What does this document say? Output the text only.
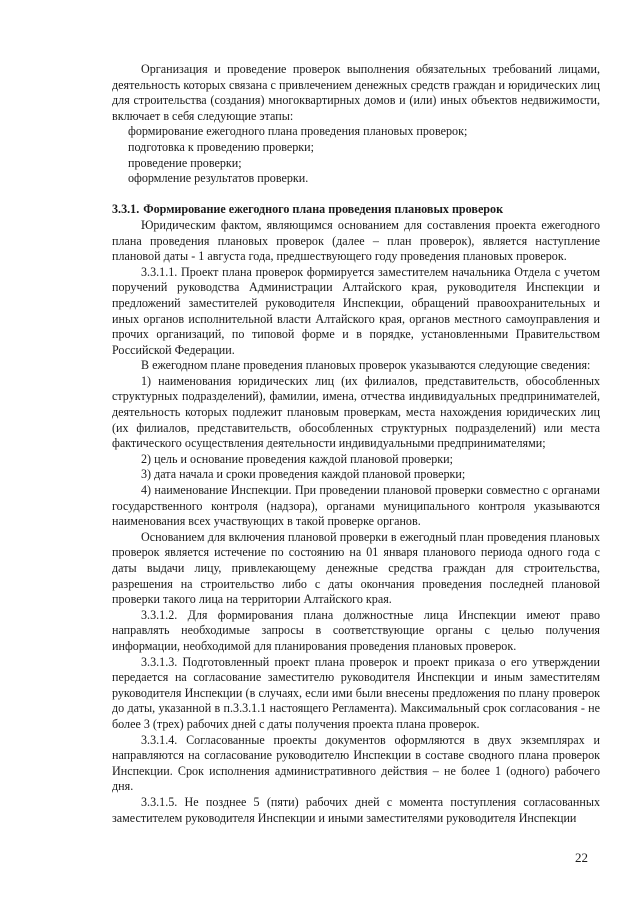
Организация и проведение проверок выполнения обязательных требований лицами, деятельность которых связана с привлечением денежных средств граждан и юридических лиц для строительства (создания) многоквартирных домов и (или) иных объектов недвижимости, включает в себя следующие этапы:

формирование ежегодного плана проведения плановых проверок;

подготовка к проведению проверки;

проведение проверки;

оформление результатов проверки.

3.3.1. Формирование ежегодного плана проведения плановых проверок

Юридическим фактом, являющимся основанием для составления проекта ежегодного плана проведения плановых проверок (далее – план проверок), является наступление плановой даты - 1 августа года, предшествующего году проведения плановых проверок.

3.3.1.1. Проект плана проверок формируется заместителем начальника Отдела с учетом поручений руководства Администрации Алтайского края, руководителя Инспекции и предложений заместителей руководителя Инспекции, обращений правоохранительных и иных органов исполнительной власти Алтайского края, органов местного самоуправления и прочих организаций, по типовой форме и в порядке, установленными Правительством Российской Федерации.

В ежегодном плане проведения плановых проверок указываются следующие сведения:

1) наименования юридических лиц (их филиалов, представительств, обособленных структурных подразделений), фамилии, имена, отчества индивидуальных предпринимателей, деятельность которых подлежит плановым проверкам, места нахождения юридических лиц (их филиалов, представительств, обособленных структурных подразделений) или места фактического осуществления деятельности индивидуальными предпринимателями;

2) цель и основание проведения каждой плановой проверки;

3) дата начала и сроки проведения каждой плановой проверки;

4) наименование Инспекции. При проведении плановой проверки совместно с органами государственного контроля (надзора), органами муниципального контроля указываются наименования всех участвующих в такой проверке органов.

Основанием для включения плановой проверки в ежегодный план проведения плановых проверок является истечение по состоянию на 01 января планового периода одного года с даты выдачи лицу, привлекающему денежные средства граждан для строительства, разрешения на строительство либо с даты окончания проведения последней плановой проверки такого лица на территории Алтайского края.

3.3.1.2. Для формирования плана должностные лица Инспекции имеют право направлять необходимые запросы в соответствующие органы с целью получения информации, необходимой для планирования проведения плановых проверок.

3.3.1.3. Подготовленный проект плана проверок и проект приказа о его утверждении передается на согласование заместителю руководителя Инспекции и иным заместителям руководителя Инспекции (в случаях, если ими были внесены предложения по плану проверок до даты, указанной в п.3.3.1.1 настоящего Регламента). Максимальный срок согласования - не более 3 (трех) рабочих дней с даты получения проекта плана проверок.

3.3.1.4. Согласованные проекты документов оформляются в двух экземплярах и направляются на согласование руководителю Инспекции в составе сводного плана проверок Инспекции. Срок исполнения административного действия – не более 1 (одного) рабочего дня.

3.3.1.5. Не позднее 5 (пяти) рабочих дней с момента поступления согласованных заместителем руководителя Инспекции и иными заместителями руководителя Инспекции

22
